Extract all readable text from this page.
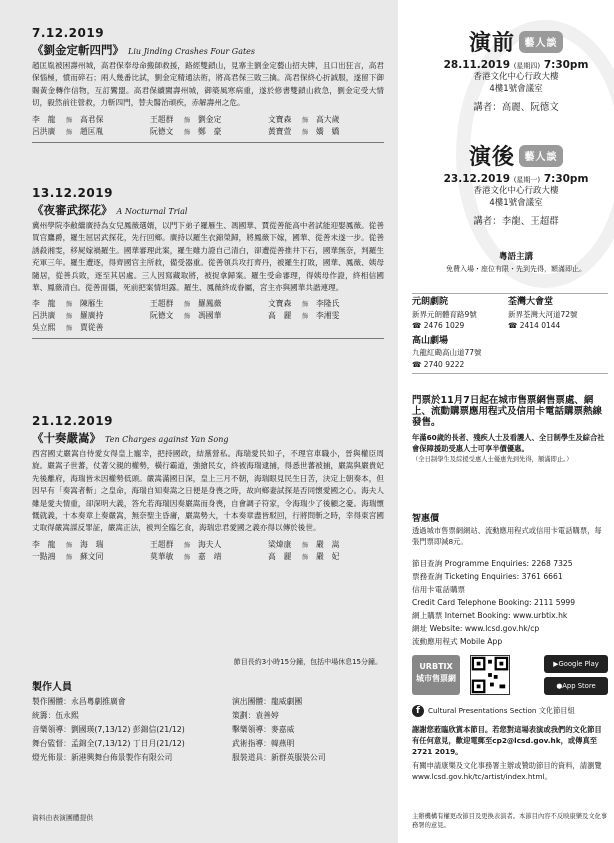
7.12.2019
《劉金定斬四門》 Liu Jinding Crashes Four Gates
趙匡胤被困壽州城，高君保奉母命搬師救援，路經雙鎖山，見寨主劉金定藝山招夫牌，且口出狂言，高君保惱極，憤而碎石；兩人幾番比試，劉金定精通法術，將高君保三敗三擒。高君保終心折誠服，遂留下御賜黃金轉作信物，互訂鸞盟。高君保續闖壽州城，御築風寒病重，遂於修書雙鎖山救急，劉金定受大情切，毅然前往營救，力斬四門，替夫醫治頑疾，赤解壽州之危。
李　龍	飾 高君保	王超群	飾 劉金定	文寶森	飾 高大歲
呂洪廣	飾 趙匡胤	阮德文	飾 鄭　豪	黃寶萱	飾 嬌　嬌
13.12.2019
《夜審武探花》 A Nocturnal Trial
冀州學院李敝繼廣持為女兒鳳薇選婿，以門下弟子羅雁生、馮國華、賈從善能高中者試能迎娶鳳薇。從善買官鷹爵，羅生屈居武探花，先行回鄉。廣持以羅生衣錦榮歸，將鳳薇下嫁，國華、從善未遂一步。從善誘殺湘雯，移屍嫁禍羅生。國華審理此案，羅生雖力證自己清白，卻遭從善推井下石，國華無奈，判羅生充軍三年。羅生遭逐，得齊國官主所救，備受器重。從善領兵攻打齊丹，被羅生打敗，國華、鳳薇、姨母隨居，從善兵敗，逐至其居處。三人因寫藏取將，被捉拿歸案。羅生受命審理，得姨母作證，終相信國華、鳳薇清白。從善面僵，死前把案情坦露。羅生、鳳薇終成眷屬，宮主亦與國華共諧連理。
李　龍	飾 陳雁生	王超群	飾 羅鳳薇	文寶森	飾 李隆氏
呂洪廣	飾 羅廣持	阮德文	飾 馮國華	高　麗	飾 李湘雯
吳立熙	飾 賈從善
21.12.2019
《十奏嚴嵩》 Ten Charges against Yan Song
西宮國丈嚴嵩自侍愛女得皇上寵幸，把持國政，結黨營私。海瑞愛民如子，不理官車職小，晉與權臣周旋。嚴嵩子世蕃，仗著父親的權勢，橫行霸道，強搶民女，終被海瑞逮捕，得悉世蕃被捕，嚴嵩與嚴貴妃先後離府，海瑞皆未因權勢低頭。嚴嵩滿國日深，皇上三月不朝，海瑞眼見民生日苦，決定上朝奏本，但因早有「奏嵩者斬」之皇命，海瑞自知奏嵩之日便是身喪之時，故向鄉妻試探是否同懷愛國之心。海夫人雖是愛夫情重，卻深明大義，答允若海瑞因奏嚴嵩而身喪，自會調子符家，令海瑞少了後顧之憂。海瑞懷慨就義，十本奏章上奏嚴嵩，無奈聖主昏庸，嚴嵩勢大，十本奏章盡皆駁回，行將問斬之時，幸得東宮國丈取得嚴嵩謀反罪証，嚴嵩正法，被判全臨乞食，海瑞忠君愛國之義亦得以傳於後世。
李　龍	飾 海　瑞	王超群	飾 海夫人	梁煒康	飾 嚴　嵩
一點鴻	飾 蘇文同	莫華敏	飾 嘉　靖	高　麗	飾 嚴　妃
節目長約3小時15分鐘，包括中場休息15分鐘。
製作人員
製作團體：永昌粵劇推廣會	演出團體：龍威劇團
統籌：伍永熙	策劃：袁善婷
音樂領導：劉國瑛(7,13/12) 彭錦信(21/12)	擊樂領導：麥嘉威
舞台監督：孟錦全(7,13/12) 丁日月(21/12)	武術指導：韓燕明
燈光佈景：新港興舞台佈景製作有限公司	服裝道具：新群英服裝公司
資料由表演團體提供
演前 藝人談
28.11.2019 (星期四) 7:30pm
香港文化中心行政大樓
4樓1號會議室
講者：高麗、阮德文
演後 藝人談
23.12.2019 (星期一) 7:30pm
香港文化中心行政大樓
4樓1號會議室
講者：李龍、王超群
粵語主講
免費入場・座位有限・先到先得，額滿即止。
元朗劇院
新界元朗體育路9號
☎ 2476 1029
荃灣大會堂
新界荃灣大河道72號
☎ 2414 0144
高山劇場
九龍紅磡高山道77號
☎ 2740 9222
門票於11月7日起在城市售票網售票處、網上、流動購票應用程式及信用卡電話購票熱線發售。
年滿60歲的長者、殘疾人士及看護人、全日制學生及綜合社會保障援助受惠人士可享半價優惠。
（全日制學生及綜援受惠人士優惠先到先得，額滿即止。）
智惠價
透過城市售票網網站、流動應用程式或信用卡電話購票，每張門票即減8元。
節目查詢 Programme Enquiries: 2268 7325
票務查詢 Ticketing Enquiries: 3761 6661
信用卡電話購票
Credit Card Telephone Booking: 2111 5999
網上購票 Internet Booking: www.urbtix.hk
網址 Website: www.lcsd.gov.hk/cp
流動應用程式 Mobile App
URBTIX
城市售票網
▶ Google Play
● App Store
f	Cultural Presentations Section 文化節目組
謝謝您蒞臨欣賞本節目。若您對這場表演或我們的文化節目有任何意見，歡迎電郵至cp2@lcsd.gov.hk，或傳真至 2721 2019。
有關申請康樂及文化事務署主辦或贊助節目的資料，請瀏覽
www.lcsd.gov.hk/tc/artist/index.html。
主辦機構有權更改節目及更換表演者。本節目內容不反映康樂及文化事務署的意見。
